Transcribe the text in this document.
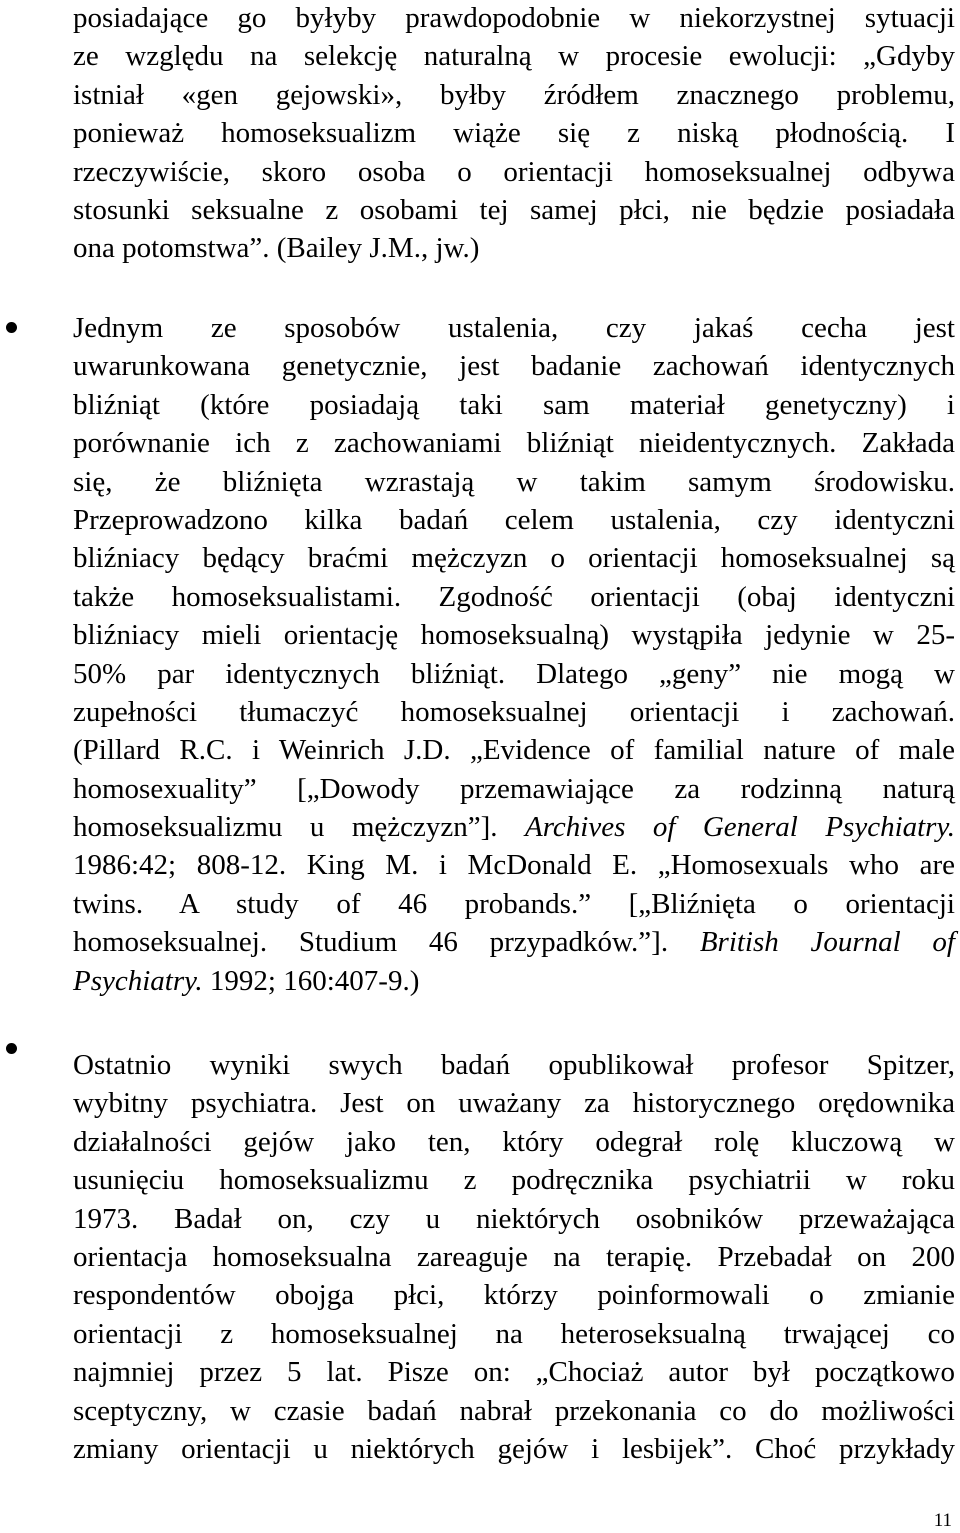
posiadające go byłyby prawdopodobnie w niekorzystnej sytuacji
ze względu na selekcję naturalną w procesie ewolucji: „Gdyby
istniał «gen gejowski», byłby źródłem znacznego problemu,
ponieważ homoseksualizm wiąże się z niską płodnością. I
rzeczywiście, skoro osoba o orientacji homoseksualnej odbywa
stosunki seksualne z osobami tej samej płci, nie będzie posiadała
ona potomstwa”. (Bailey J.M., jw.)
Jednym ze sposobów ustalenia, czy jakaś cecha jest
uwarunkowana genetycznie, jest badanie zachowań identycznych
bliźniąt (które posiadają taki sam materiał genetyczny) i
porównanie ich z zachowaniami bliźniąt nieidentycznych. Zakłada
się, że bliźnięta wzrastają w takim samym środowisku.
Przeprowadzono kilka badań celem ustalenia, czy identyczni
bliźniacy będący braćmi mężczyzn o orientacji homoseksualnej są
także homoseksualistami. Zgodność orientacji (obaj identyczni
bliźniacy mieli orientację homoseksualną) wystąpiła jedynie w 25-
50% par identycznych bliźniąt. Dlatego „geny” nie mogą w
zupełności tłumaczyć homoseksualnej orientacji i zachowań.
(Pillard R.C. i Weinrich J.D. „Evidence of familial nature of male
homosexuality” [„Dowody przemawiające za rodzinną naturą
homoseksualizmu u mężczyzn”]. Archives of General Psychiatry.
1986:42; 808-12. King M. i McDonald E. „Homosexuals who are
twins. A study of 46 probands.” [„Bliźnięta o orientacji
homoseksualnej. Studium 46 przypadków.”]. British Journal of
Psychiatry. 1992; 160:407-9.)
Ostatnio wyniki swych badań opublikował profesor Spitzer,
wybitny psychiatra. Jest on uważany za historycznego orędownika
działalności gejów jako ten, który odegrał rolę kluczową w
usunięciu homoseksualizmu z podręcznika psychiatrii w roku
1973. Badał on, czy u niektórych osobników przeważająca
orientacja homoseksualna zareaguje na terapię. Przebadał on 200
respondentów obojga płci, którzy poinformowali o zmianie
orientacji z homoseksualnej na heteroseksualną trwającej co
najmniej przez 5 lat. Pisze on: „Chociaż autor był początkowo
sceptyczny, w czasie badań nabrał przekonania co do możliwości
zmiany orientacji u niektórych gejów i lesbijek”. Choć przykłady
11
